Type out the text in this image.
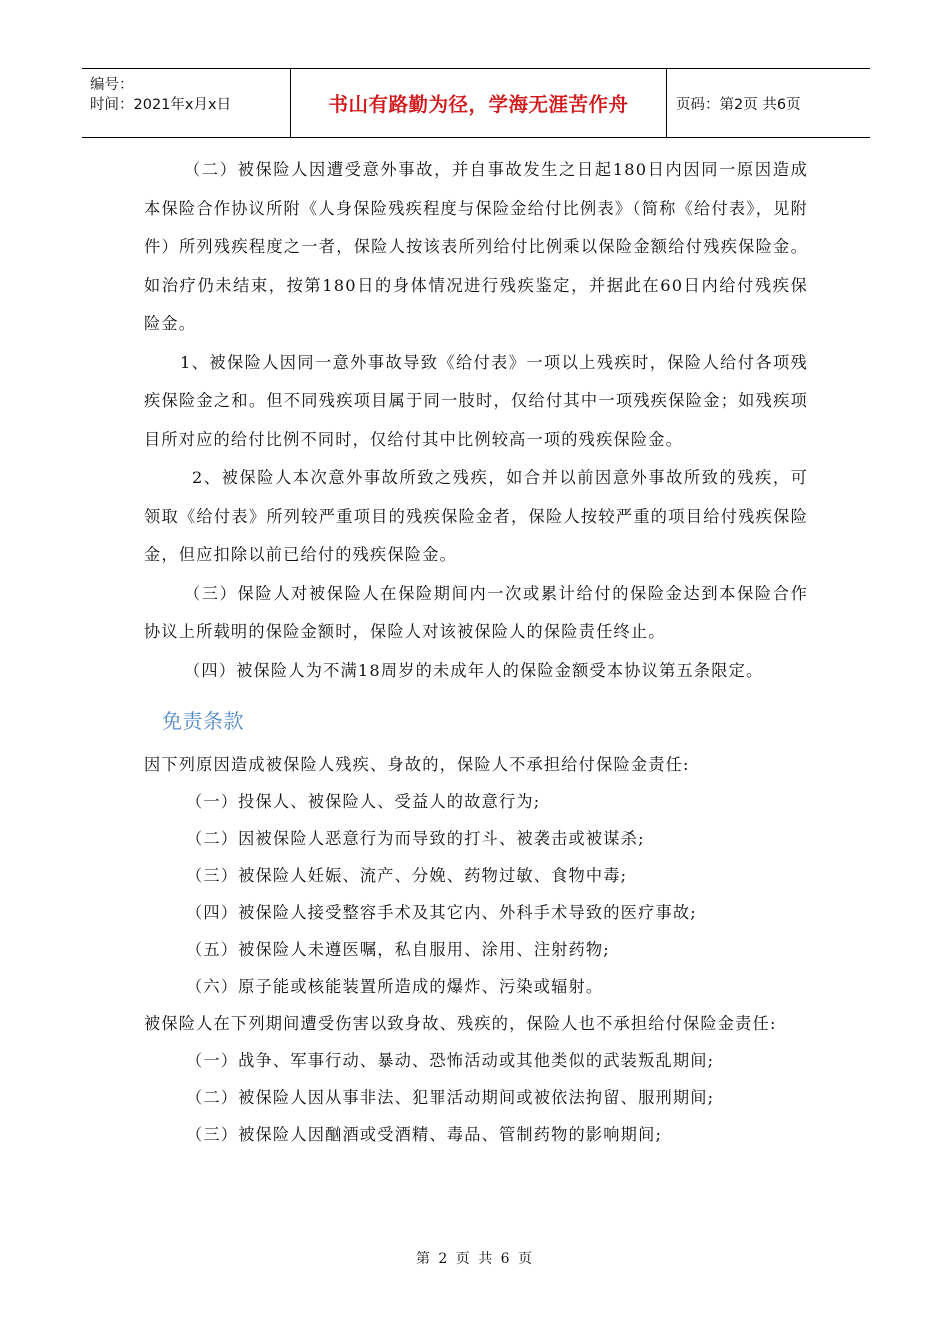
编号：
时间：2021年x月x日	书山有路勤为径，学海无涯苦作舟	页码：第2页 共6页

（二）被保险人因遭受意外事故，并自事故发生之日起180日内因同一原因造成本保险合作协议所附《人身保险残疾程度与保险金给付比例表》（简称《给付表》，见附件）所列残疾程度之一者，保险人按该表所列给付比例乘以保险金额给付残疾保险金。如治疗仍未结束，按第180日的身体情况进行残疾鉴定，并据此在60日内给付残疾保险金。

1、被保险人因同一意外事故导致《给付表》一项以上残疾时，保险人给付各项残疾保险金之和。但不同残疾项目属于同一肢时，仅给付其中一项残疾保险金；如残疾项目所对应的给付比例不同时，仅给付其中比例较高一项的残疾保险金。

2、被保险人本次意外事故所致之残疾，如合并以前因意外事故所致的残疾，可领取《给付表》所列较严重项目的残疾保险金者，保险人按较严重的项目给付残疾保险金，但应扣除以前已给付的残疾保险金。

（三）保险人对被保险人在保险期间内一次或累计给付的保险金达到本保险合作协议上所载明的保险金额时，保险人对该被保险人的保险责任终止。

（四）被保险人为不满18周岁的未成年人的保险金额受本协议第五条限定。

免责条款

因下列原因造成被保险人残疾、身故的，保险人不承担给付保险金责任:

（一）投保人、被保险人、受益人的故意行为;

（二）因被保险人恶意行为而导致的打斗、被袭击或被谋杀;

（三）被保险人妊娠、流产、分娩、药物过敏、食物中毒;

（四）被保险人接受整容手术及其它内、外科手术导致的医疗事故;

（五）被保险人未遵医嘱，私自服用、涂用、注射药物;

（六）原子能或核能装置所造成的爆炸、污染或辐射。

被保险人在下列期间遭受伤害以致身故、残疾的，保险人也不承担给付保险金责任:

（一）战争、军事行动、暴动、恐怖活动或其他类似的武装叛乱期间;

（二）被保险人因从事非法、犯罪活动期间或被依法拘留、服刑期间;

（三）被保险人因酗酒或受酒精、毒品、管制药物的影响期间;

第 2 页 共 6 页
